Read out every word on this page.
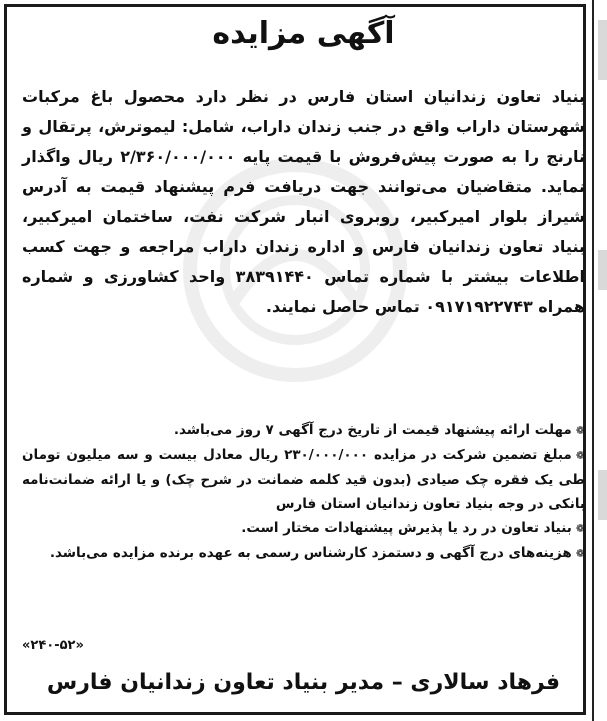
آگهی مزایده
بنیاد تعاون زندانیان استان فارس در نظر دارد محصول باغ مرکبات شهرستان داراب واقع در جنب زندان داراب، شامل: لیموترش، پرتقال و نارنج را به صورت پیش‌فروش با قیمت پایه ۲/۳۶۰/۰۰۰/۰۰۰ ریال واگذار نماید. متقاضیان می‌توانند جهت دریافت فرم پیشنهاد قیمت به آدرس شیراز بلوار امیرکبیر، روبروی انبار شرکت نفت، ساختمان امیرکبیر، بنیاد تعاون زندانیان فارس و اداره زندان داراب مراجعه و جهت کسب اطلاعات بیشتر با شماره تماس ۳۸۳۹۱۴۴۰ واحد کشاورزی و شماره همراه ۰۹۱۷۱۹۲۲۷۴۳ تماس حاصل نمایند.

❁مهلت ارائه پیشنهاد قیمت از تاریخ درج آگهی ۷ روز می‌باشد.

❁مبلغ تضمین شرکت در مزایده ۲۳۰/۰۰۰/۰۰۰ ریال معادل بیست و سه میلیون تومان طی یک فقره چک صیادی (بدون قید کلمه ضمانت در شرح چک) و یا ارائه ضمانت‌نامه بانکی در وجه بنیاد تعاون زندانیان استان فارس

❁بنیاد تعاون در رد یا پذیرش پیشنهادات مختار است.

❁هزینه‌های درج آگهی و دستمزد کارشناس رسمی به عهده برنده مزایده می‌باشد.

«۲۴۰-۵۲»
فرهاد سالاری – مدیر بنیاد تعاون زندانیان فارس
